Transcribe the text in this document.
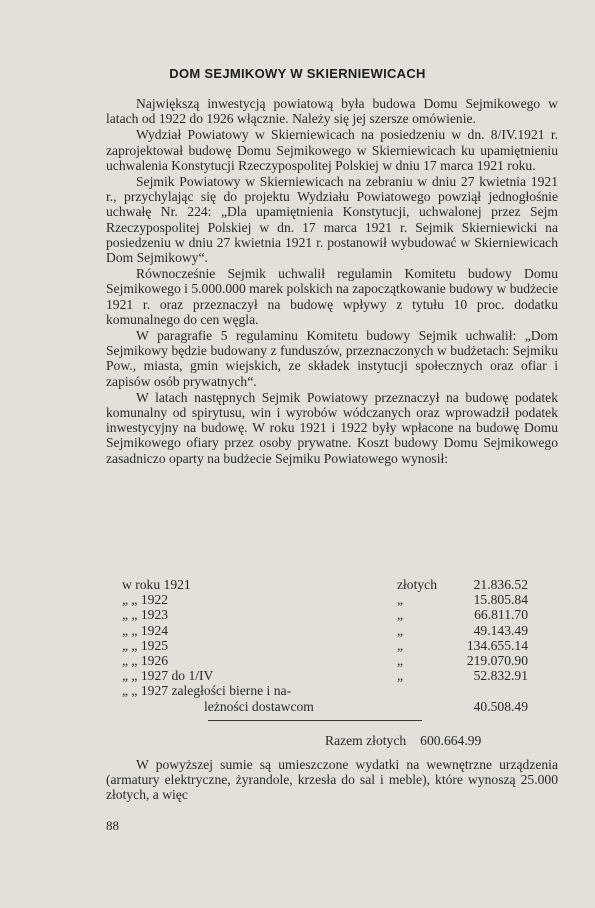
DOM SEJMIKOWY W SKIERNIEWICACH

Największą inwestycją powiatową była budowa Domu Sejmikowego w latach od 1922 do 1926 włącznie. Należy się jej szersze omówienie.

Wydział Powiatowy w Skierniewicach na posiedzeniu w dn. 8/IV.1921 r. zaprojektował budowę Domu Sejmikowego w Skierniewicach ku upamiętnieniu uchwalenia Konstytucji Rzeczypospolitej Polskiej w dniu 17 marca 1921 roku.

Sejmik Powiatowy w Skierniewicach na zebraniu w dniu 27 kwietnia 1921 r., przychylając się do projektu Wydziału Powiatowego powziął jednogłośnie uchwałę Nr. 224: „Dla upamiętnienia Konstytucji, uchwalonej przez Sejm Rzeczypospolitej Polskiej w dn. 17 marca 1921 r. Sejmik Skierniewicki na posiedzeniu w dniu 27 kwietnia 1921 r. postanowił wybudować w Skierniewicach Dom Sejmikowy“.

Równocześnie Sejmik uchwalił regulamin Komitetu budowy Domu Sejmikowego i 5.000.000 marek polskich na zapoczątkowanie budowy w budżecie 1921 r. oraz przeznaczył na budowę wpływy z tytułu 10 proc. dodatku komunalnego do cen węgla.

W paragrafie 5 regulaminu Komitetu budowy Sejmik uchwalił: „Dom Sejmikowy będzie budowany z funduszów, przeznaczonych w budżetach: Sejmiku Pow., miasta, gmin wiejskich, ze składek instytucji społecznych oraz ofiar i zapisów osób prywatnych“.

W latach następnych Sejmik Powiatowy przeznaczył na budowę podatek komunalny od spirytusu, win i wyrobów wódczanych oraz wprowadził podatek inwestycyjny na budowę. W roku 1921 i 1922 były wpłacone na budowę Domu Sejmikowego ofiary przez osoby prywatne. Koszt budowy Domu Sejmikowego zasadniczo oparty na budżecie Sejmiku Powiatowego wynosił:

w roku 1921	złotych	21.836.52
„ „ 1922	„	15.805.84
„ „ 1923	„	66.811.70
„ „ 1924	„	49.143.49
„ „ 1925	„	134.655.14
„ „ 1926	„	219.070.90
„ „ 1927 do 1/IV	„	52.832.91
„ „ 1927 zaległości bierne i na-
leżności dostawcom	40.508.49
Razem złotych 600.664.99

W powyższej sumie są umieszczone wydatki na wewnętrzne urządzenia (armatury elektryczne, żyrandole, krzesła do sal i meble), które wynoszą 25.000 złotych, a więc

88
